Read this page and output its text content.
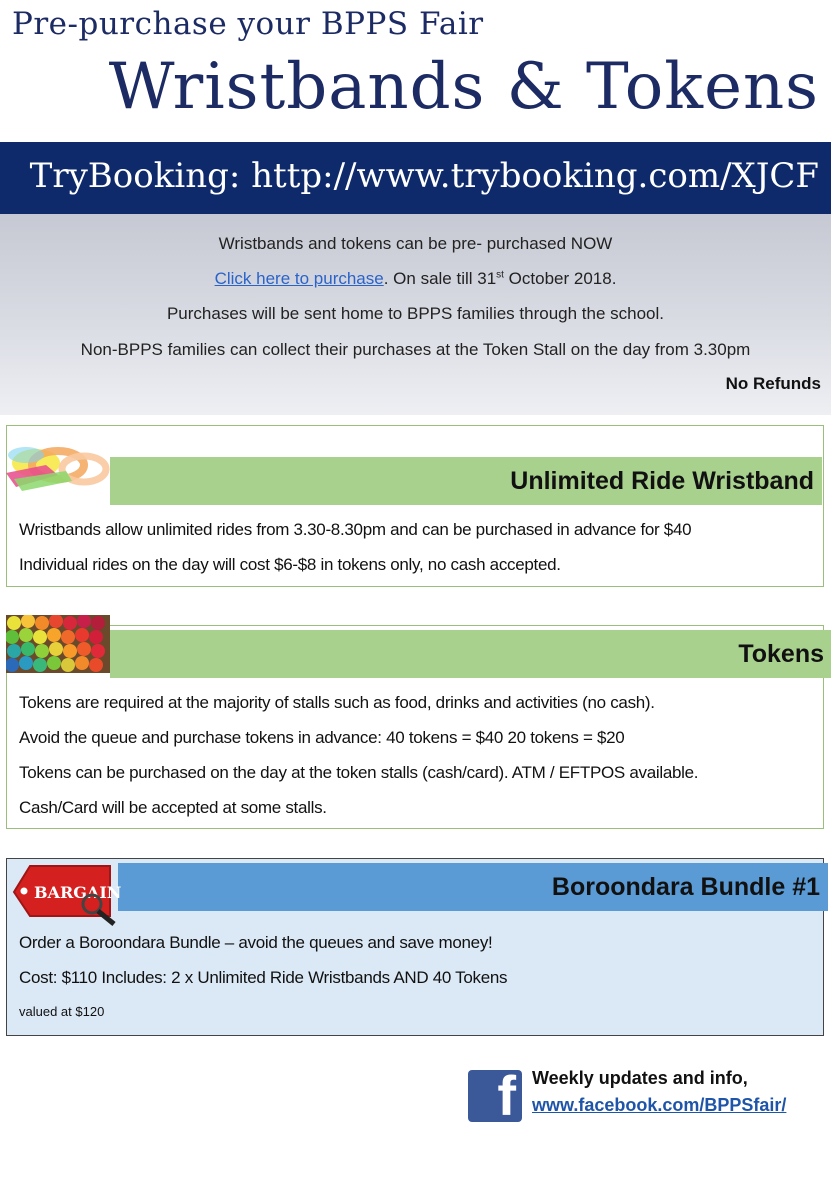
Pre-purchase your BPPS Fair
Wristbands & Tokens
TryBooking: http://www.trybooking.com/XJCF
Wristbands and tokens can be pre- purchased NOW
Click here to purchase. On sale till 31st October 2018.
Purchases will be sent home to BPPS families through the school.
Non-BPPS families can collect their purchases at the Token Stall on the day from 3.30pm
No Refunds
Wristbands allow unlimited rides from 3.30-8.30pm and can be purchased in advance for $40
Individual rides on the day will cost $6-$8 in tokens only, no cash accepted.
Unlimited Ride Wristband
Tokens are required at the majority of stalls such as food, drinks and activities (no cash).
Avoid the queue and purchase tokens in advance: 40 tokens = $40 20 tokens = $20
Tokens can be purchased on the day at the token stalls (cash/card). ATM / EFTPOS available.
Cash/Card will be accepted at some stalls.
Tokens
Order a Boroondara Bundle – avoid the queues and save money!
Cost: $110 Includes: 2 x Unlimited Ride Wristbands AND 40 Tokens
valued at $120
Boroondara Bundle #1
BARGAIN
f Weekly updates and info,
www.facebook.com/BPPSfair/
